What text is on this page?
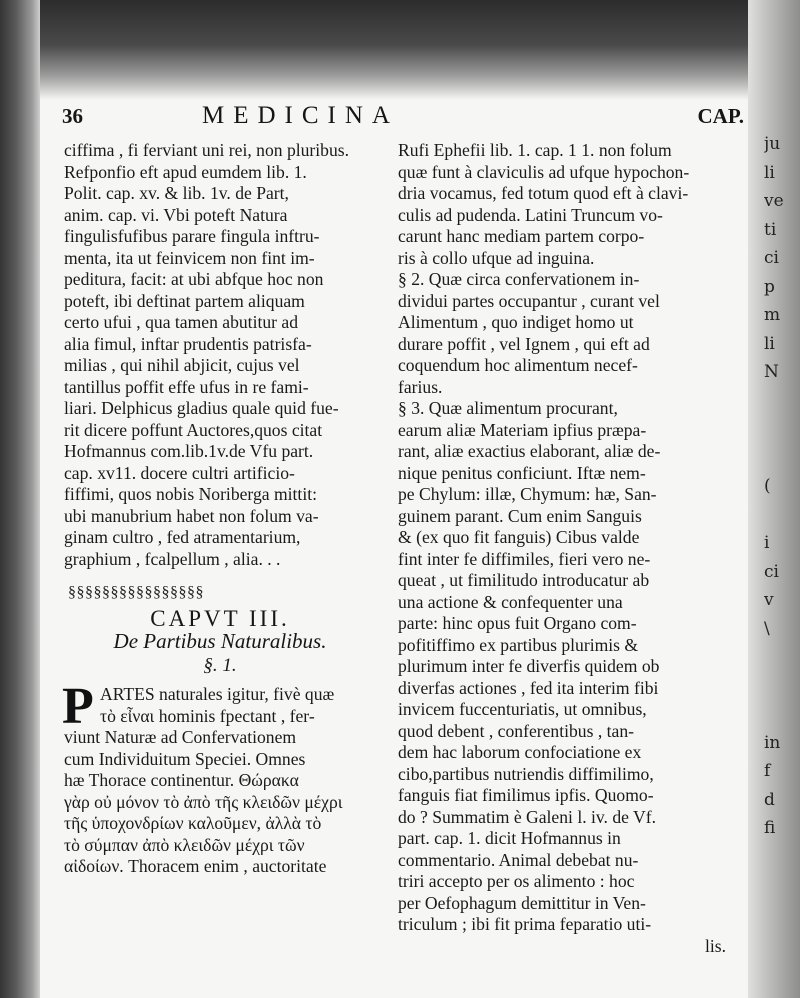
ju
li
ve
ti
ci
p
m
li
N
(
i
ci
v
\
in
f
d
fi
36	MEDICINA	CAP.
ciffima , fi ferviant uni rei, non pluribus.
Refponfio eft apud eumdem lib. 1.
Polit. cap. xv. & lib. 1v. de Part,
anim. cap. vi. Vbi poteft Natura
fingulisfufibus parare fingula inftru-
menta, ita ut feinvicem non fint im-
peditura, facit: at ubi abfque hoc non
poteft, ibi deftinat partem aliquam
certo ufui , qua tamen abutitur ad
alia fimul, inftar prudentis patrisfa-
milias , qui nihil abjicit, cujus vel
tantillus poffit effe ufus in re fami-
liari. Delphicus gladius quale quid fue-
rit dicere poffunt Auctores,quos citat
Hofmannus com.lib.1v.de Vfu part.
cap. xv11. docere cultri artificio-
fiffimi, quos nobis Noriberga mittit:
ubi manubrium habet non folum va-
ginam cultro , fed atramentarium,
graphium , fcalpellum , alia. . .
§§§§§§§§§§§§§§§§
CAPVT III.
De Partibus Naturalibus.
§. 1.
P ARTES naturales igitur, fivè quæ
τὸ εἶναι hominis fpectant , fer-
viunt Naturæ ad Confervationem
cum Individuitum Speciei. Omnes
hæ Thorace continentur. Θώρακα
γὰρ οὐ μόνον τὸ ἀπὸ τῆς κλειδῶν μέχρι
τῆς ὑποχονδρίων καλοῦμεν, ἀλλὰ τὸ
τὸ σύμπαν ἀπὸ κλειδῶν μέχρι τῶν
αἰδοίων. Thoracem enim , auctoritate
Rufi Ephefii lib. 1. cap. 1 1. non folum
quæ funt à claviculis ad ufque hypochon-
dria vocamus, fed totum quod eft à clavi-
culis ad pudenda. Latini Truncum vo-
carunt hanc mediam partem corpo-
ris à collo ufque ad inguina.
§ 2. Quæ circa confervationem in-
dividui partes occupantur , curant vel
Alimentum , quo indiget homo ut
durare poffit , vel Ignem , qui eft ad
coquendum hoc alimentum necef-
farius.
§ 3. Quæ alimentum procurant,
earum aliæ Materiam ipfius præpa-
rant, aliæ exactius elaborant, aliæ de-
nique penitus conficiunt. Iftæ nem-
pe Chylum: illæ, Chymum: hæ, San-
guinem parant. Cum enim Sanguis
& (ex quo fit fanguis) Cibus valde
fint inter fe diffimiles, fieri vero ne-
queat , ut fimilitudo introducatur ab
una actione & confequenter una
parte: hinc opus fuit Organo com-
pofitiffimo ex partibus plurimis &
plurimum inter fe diverfis quidem ob
diverfas actiones , fed ita interim fibi
invicem fuccenturiatis, ut omnibus,
quod debent , conferentibus , tan-
dem hac laborum confociatione ex
cibo,partibus nutriendis diffimilimo,
fanguis fiat fimilimus ipfis. Quomo-
do ? Summatim è Galeni l. iv. de Vf.
part. cap. 1. dicit Hofmannus in
commentario. Animal debebat nu-
triri accepto per os alimento : hoc
per Oefophagum demittitur in Ven-
triculum ; ibi fit prima feparatio uti-
lis.
